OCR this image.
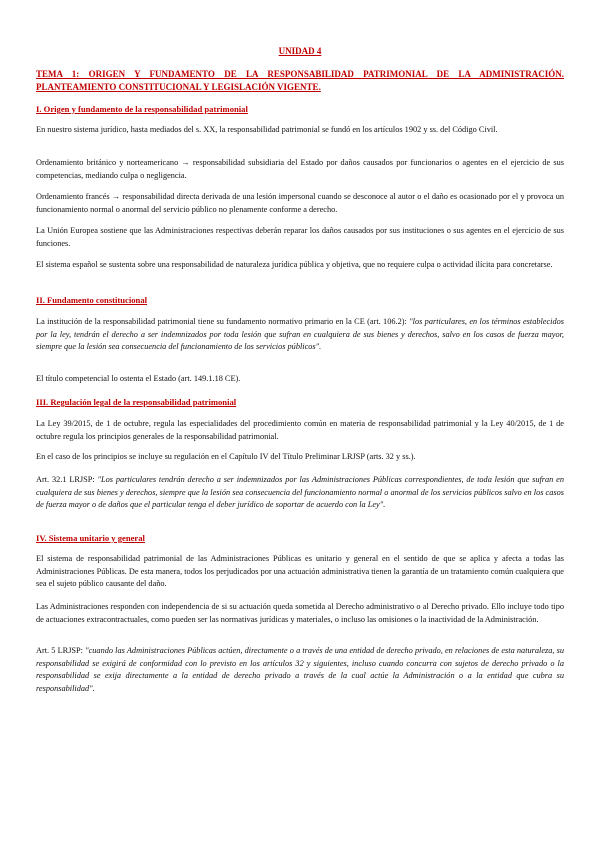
UNIDAD 4
TEMA 1: ORIGEN Y FUNDAMENTO DE LA RESPONSABILIDAD PATRIMONIAL DE LA ADMINISTRACIÓN. PLANTEAMIENTO CONSTITUCIONAL Y LEGISLACIÓN VIGENTE.
I. Origen y fundamento de la responsabilidad patrimonial
En nuestro sistema jurídico, hasta mediados del s. XX, la responsabilidad patrimonial se fundó en los artículos 1902 y ss. del Código Civil.
Ordenamiento británico y norteamericano → responsabilidad subsidiaria del Estado por daños causados por funcionarios o agentes en el ejercicio de sus competencias, mediando culpa o negligencia.
Ordenamiento francés → responsabilidad directa derivada de una lesión impersonal cuando se desconoce al autor o el daño es ocasionado por el y provoca un funcionamiento normal o anormal del servicio público no plenamente conforme a derecho.
La Unión Europea sostiene que las Administraciones respectivas deberán reparar los daños causados por sus instituciones o sus agentes en el ejercicio de sus funciones.
El sistema español se sustenta sobre una responsabilidad de naturaleza jurídica pública y objetiva, que no requiere culpa o actividad ilícita para concretarse.
II. Fundamento constitucional
La institución de la responsabilidad patrimonial tiene su fundamento normativo primario en la CE (art. 106.2): "los particulares, en los términos establecidos por la ley, tendrán el derecho a ser indemnizados por toda lesión que sufran en cualquiera de sus bienes y derechos, salvo en los casos de fuerza mayor, siempre que la lesión sea consecuencia del funcionamiento de los servicios públicos".
El título competencial lo ostenta el Estado (art. 149.1.18 CE).
III. Regulación legal de la responsabilidad patrimonial
La Ley 39/2015, de 1 de octubre, regula las especialidades del procedimiento común en materia de responsabilidad patrimonial y la Ley 40/2015, de 1 de octubre regula los principios generales de la responsabilidad patrimonial.
En el caso de los principios se incluye su regulación en el Capítulo IV del Título Preliminar LRJSP (arts. 32 y ss.).
Art. 32.1 LRJSP: "Los particulares tendrán derecho a ser indemnizados por las Administraciones Públicas correspondientes, de toda lesión que sufran en cualquiera de sus bienes y derechos, siempre que la lesión sea consecuencia del funcionamiento normal o anormal de los servicios públicos salvo en los casos de fuerza mayor o de daños que el particular tenga el deber jurídico de soportar de acuerdo con la Ley".
IV. Sistema unitario y general
El sistema de responsabilidad patrimonial de las Administraciones Públicas es unitario y general en el sentido de que se aplica y afecta a todas las Administraciones Públicas. De esta manera, todos los perjudicados por una actuación administrativa tienen la garantía de un tratamiento común cualquiera que sea el sujeto público causante del daño.
Las Administraciones responden con independencia de si su actuación queda sometida al Derecho administrativo o al Derecho privado. Ello incluye todo tipo de actuaciones extracontractuales, como pueden ser las normativas jurídicas y materiales, o incluso las omisiones o la inactividad de la Administración.
Art. 5 LRJSP: "cuando las Administraciones Públicas actúen, directamente o a través de una entidad de derecho privado, en relaciones de esta naturaleza, su responsabilidad se exigirá de conformidad con lo previsto en los artículos 32 y siguientes, incluso cuando concurra con sujetos de derecho privado o la responsabilidad se exija directamente a la entidad de derecho privado a través de la cual actúe la Administración o a la entidad que cubra su responsabilidad".
